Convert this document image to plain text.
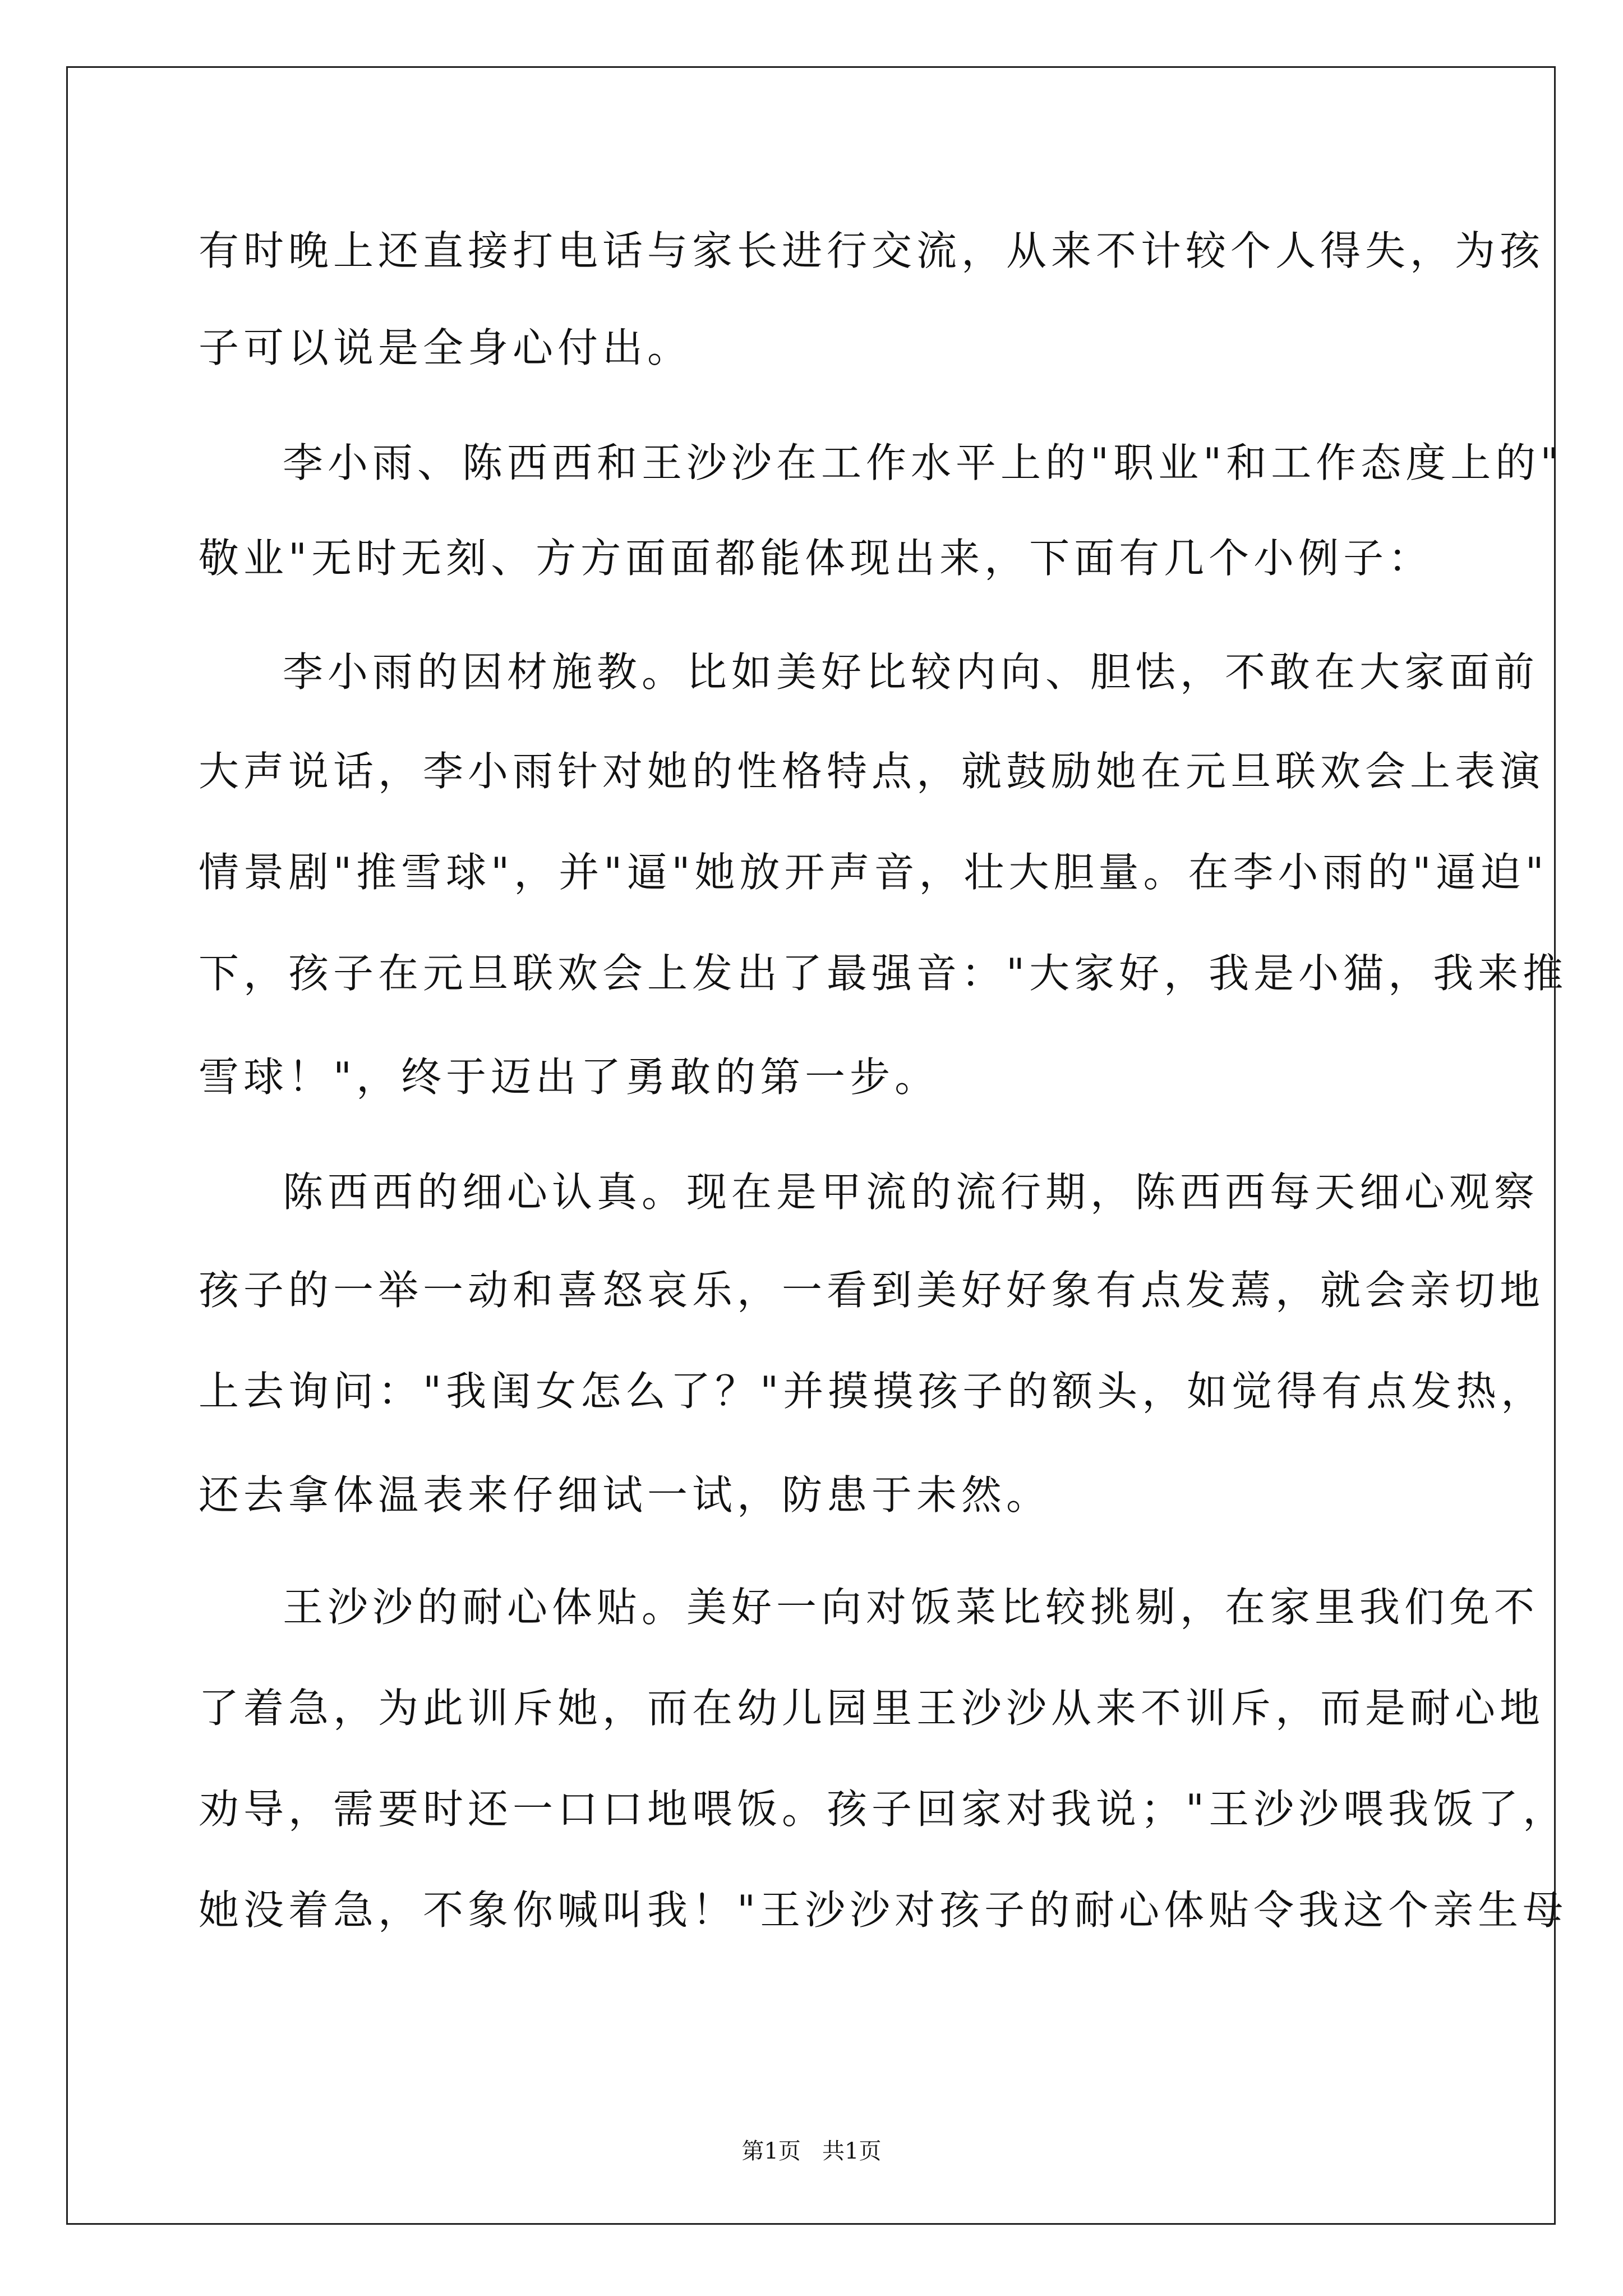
有时晚上还直接打电话与家长进行交流，从来不计较个人得失，为孩
子可以说是全身心付出。
李小雨、陈西西和王沙沙在工作水平上的"职业"和工作态度上的"
敬业"无时无刻、方方面面都能体现出来，下面有几个小例子：
李小雨的因材施教。比如美好比较内向、胆怯，不敢在大家面前
大声说话，李小雨针对她的性格特点，就鼓励她在元旦联欢会上表演
情景剧"推雪球"，并"逼"她放开声音，壮大胆量。在李小雨的"逼迫"
下，孩子在元旦联欢会上发出了最强音："大家好，我是小猫，我来推
雪球！"，终于迈出了勇敢的第一步。
陈西西的细心认真。现在是甲流的流行期，陈西西每天细心观察
孩子的一举一动和喜怒哀乐，一看到美好好象有点发蔫，就会亲切地
上去询问："我闺女怎么了？"并摸摸孩子的额头，如觉得有点发热，
还去拿体温表来仔细试一试，防患于未然。
王沙沙的耐心体贴。美好一向对饭菜比较挑剔，在家里我们免不
了着急，为此训斥她，而在幼儿园里王沙沙从来不训斥，而是耐心地
劝导，需要时还一口口地喂饭。孩子回家对我说；"王沙沙喂我饭了，
她没着急，不象你喊叫我！"王沙沙对孩子的耐心体贴令我这个亲生母
第1页   共1页
